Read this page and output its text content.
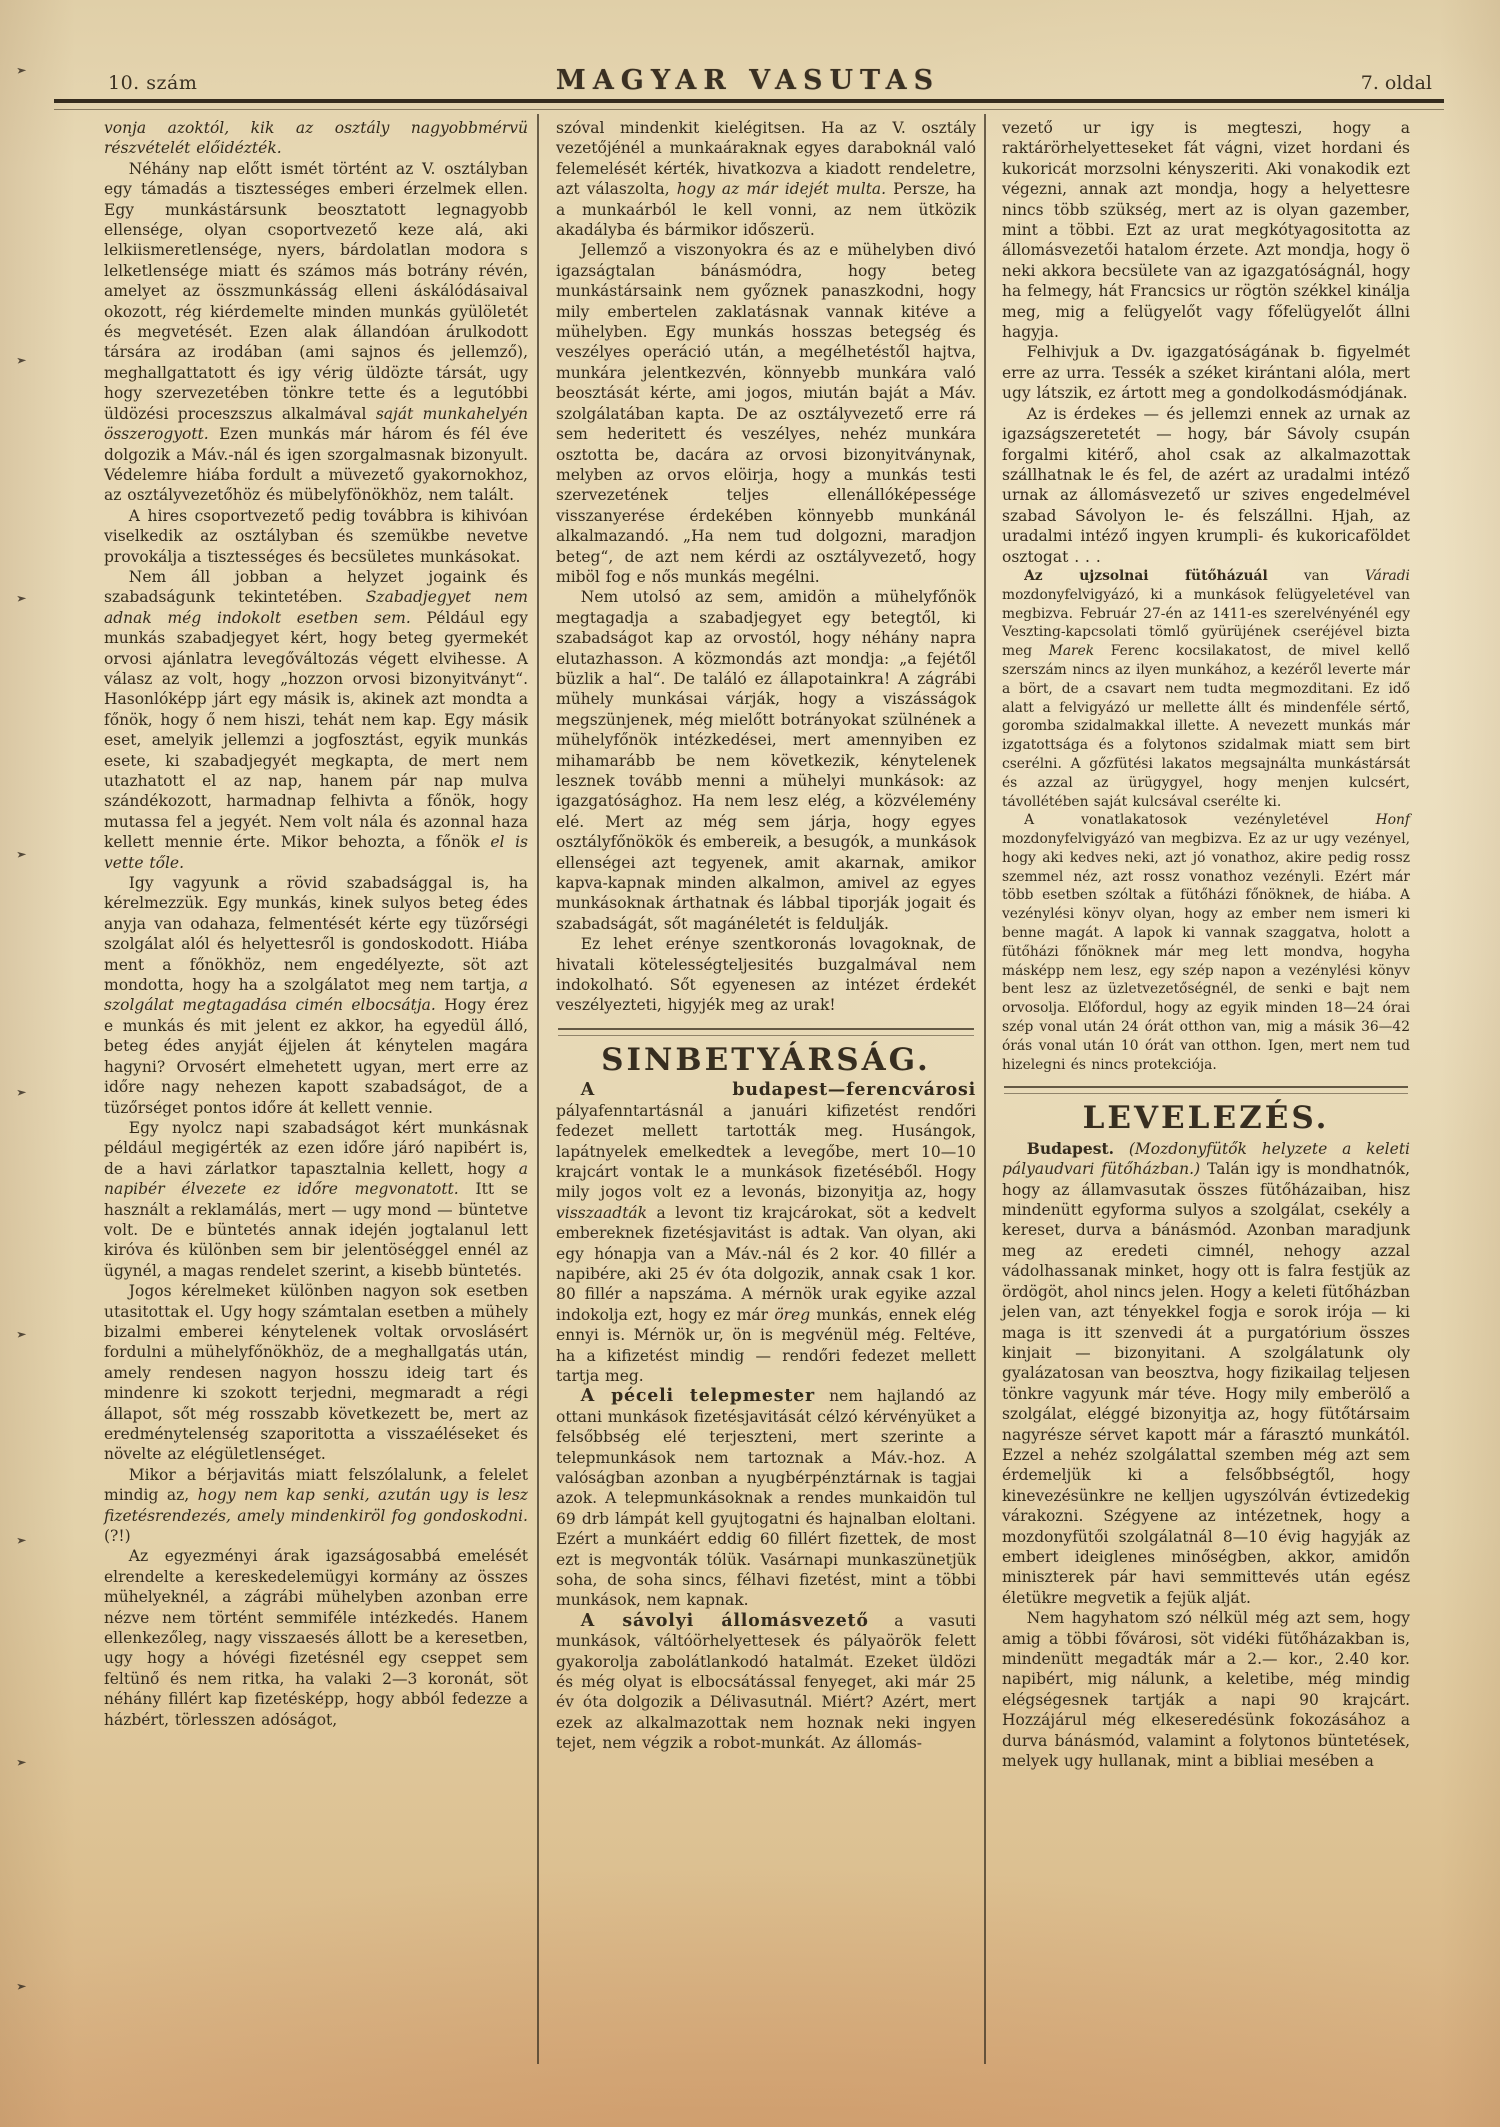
10. szám	MAGYAR VASUTAS	7. oldal

vonja azoktól, kik az osztály nagyobbmérvü részvételét előidézték.

Néhány nap előtt ismét történt az V. osztályban egy támadás a tisztességes emberi érzelmek ellen. Egy munkástársunk beosztatott legnagyobb ellensége, olyan csoportvezető keze alá, aki lelkiismeretlensége, nyers, bárdolatlan modora s lelketlensége miatt és számos más botrány révén, amelyet az összmunkásság elleni áskálódásaival okozott, rég kiérdemelte minden munkás gyülöletét és megvetését. Ezen alak állandóan árulkodott társára az irodában (ami sajnos és jellemző), meghallgattatott és igy vérig üldözte társát, ugy hogy szervezetében tönkre tette és a legutóbbi üldözési proceszszus alkalmával saját munkahelyén összerogyott. Ezen munkás már három és fél éve dolgozik a Máv.-nál és igen szorgalmasnak bizonyult. Védelemre hiába fordult a müvezető gyakornokhoz, az osztályvezetőhöz és mübelyfönökhöz, nem talált.

A hires csoportvezető pedig továbbra is kihivóan viselkedik az osztályban és szemükbe nevetve provokálja a tisztességes és becsületes munkásokat.

Nem áll jobban a helyzet jogaink és szabadságunk tekintetében. Szabadjegyet nem adnak még indokolt esetben sem. Például egy munkás szabadjegyet kért, hogy beteg gyermekét orvosi ajánlatra levegőváltozás végett elvihesse. A válasz az volt, hogy „hozzon orvosi bizonyitványt“. Hasonlóképp járt egy másik is, akinek azt mondta a főnök, hogy ő nem hiszi, tehát nem kap. Egy másik eset, amelyik jellemzi a jogfosztást, egyik munkás esete, ki szabadjegyét megkapta, de mert nem utazhatott el az nap, hanem pár nap mulva szándékozott, harmadnap felhivta a főnök, hogy mutassa fel a jegyét. Nem volt nála és azonnal haza kellett mennie érte. Mikor behozta, a főnök el is vette tőle.

Igy vagyunk a rövid szabadsággal is, ha kérelmezzük. Egy munkás, kinek sulyos beteg édes anyja van odahaza, felmentését kérte egy tüzőrségi szolgálat alól és helyettesről is gondoskodott. Hiába ment a főnökhöz, nem engedélyezte, söt azt mondotta, hogy ha a szolgálatot meg nem tartja, a szolgálat megtagadása cimén elbocsátja. Hogy érez e munkás és mit jelent ez akkor, ha egyedül álló, beteg édes anyját éjjelen át kénytelen magára hagyni? Orvosért elmehetett ugyan, mert erre az időre nagy nehezen kapott szabadságot, de a tüzőrséget pontos időre át kellett vennie.

Egy nyolcz napi szabadságot kért munkásnak például megigérték az ezen időre járó napibért is, de a havi zárlatkor tapasztalnia kellett, hogy a napibér élvezete ez időre megvonatott. Itt se használt a reklamálás, mert — ugy mond — büntetve volt. De e büntetés annak idején jogtalanul lett kiróva és különben sem bir jelentöséggel ennél az ügynél, a magas rendelet szerint, a kisebb büntetés.

Jogos kérelmeket különben nagyon sok esetben utasitottak el. Ugy hogy számtalan esetben a mühely bizalmi emberei kénytelenek voltak orvoslásért fordulni a mühelyfőnökhöz, de a meghallgatás után, amely rendesen nagyon hosszu ideig tart és mindenre ki szokott terjedni, megmaradt a régi állapot, sőt még rosszabb következett be, mert az eredménytelenség szaporitotta a visszaéléseket és növelte az elégületlenséget.

Mikor a bérjavitás miatt felszólalunk, a felelet mindig az, hogy nem kap senki, azután ugy is lesz fizetésrendezés, amely mindenkiröl fog gondoskodni. (?!)

Az egyezményi árak igazságosabbá emelését elrendelte a kereskedelemügyi kormány az összes mühelyeknél, a zágrábi mühelyben azonban erre nézve nem történt semmiféle intézkedés. Hanem ellenkezőleg, nagy visszaesés állott be a keresetben, ugy hogy a hóvégi fizetésnél egy cseppet sem feltünő és nem ritka, ha valaki 2—3 koronát, söt néhány fillért kap fizetésképp, hogy abból fedezze a házbért, törlesszen adóságot,

szóval mindenkit kielégitsen. Ha az V. osztály vezetőjénél a munkaáraknak egyes daraboknál való felemelését kérték, hivatkozva a kiadott rendeletre, azt válaszolta, hogy az már idejét multa. Persze, ha a munkaárból le kell vonni, az nem ütközik akadályba és bármikor időszerü.

Jellemző a viszonyokra és az e mühelyben divó igazságtalan bánásmódra, hogy beteg munkástársaink nem győznek panaszkodni, hogy mily embertelen zaklatásnak vannak kitéve a mühelyben. Egy munkás hosszas betegség és veszélyes operáció után, a megélhetéstől hajtva, munkára jelentkezvén, könnyebb munkára való beosztását kérte, ami jogos, miután baját a Máv. szolgálatában kapta. De az osztályvezető erre rá sem hederitett és veszélyes, nehéz munkára osztotta be, dacára az orvosi bizonyitványnak, melyben az orvos elöirja, hogy a munkás testi szervezetének teljes ellenállóképessége visszanyerése érdekében könnyebb munkánál alkalmazandó. „Ha nem tud dolgozni, maradjon beteg“, de azt nem kérdi az osztályvezető, hogy miböl fog e nős munkás megélni.

Nem utolsó az sem, amidön a mühelyfőnök megtagadja a szabadjegyet egy betegtől, ki szabadságot kap az orvostól, hogy néhány napra elutazhasson. A közmondás azt mondja: „a fejétől büzlik a hal“. De találó ez állapotainkra! A zágrábi mühely munkásai várják, hogy a viszásságok megszünjenek, még mielőtt botrányokat szülnének a mühelyfőnök intézkedései, mert amennyiben ez mihamarább be nem következik, kénytelenek lesznek tovább menni a mühelyi munkások: az igazgatósághoz. Ha nem lesz elég, a közvélemény elé. Mert az még sem járja, hogy egyes osztályfőnökök és embereik, a besugók, a munkások ellenségei azt tegyenek, amit akarnak, amikor kapva-kapnak minden alkalmon, amivel az egyes munkásoknak árthatnak és lábbal tiporják jogait és szabadságát, sőt magánéletét is feldulják.

Ez lehet erénye szentkoronás lovagoknak, de hivatali kötelességteljesités buzgalmával nem indokolható. Sőt egyenesen az intézet érdekét veszélyezteti, higyjék meg az urak!

SINBETYÁRSÁG.

A budapest—ferencvárosi pályafenntartásnál a januári kifizetést rendőri fedezet mellett tartották meg. Husángok, lapátnyelek emelkedtek a levegőbe, mert 10—10 krajcárt vontak le a munkások fizetéséből. Hogy mily jogos volt ez a levonás, bizonyitja az, hogy visszaadták a levont tiz krajcárokat, söt a kedvelt embereknek fizetésjavitást is adtak. Van olyan, aki egy hónapja van a Máv.-nál és 2 kor. 40 fillér a napibére, aki 25 év óta dolgozik, annak csak 1 kor. 80 fillér a napszáma. A mérnök urak egyike azzal indokolja ezt, hogy ez már öreg munkás, ennek elég ennyi is. Mérnök ur, ön is megvénül még. Feltéve, ha a kifizetést mindig — rendőri fedezet mellett tartja meg.

A péceli telepmester nem hajlandó az ottani munkások fizetésjavitását célzó kérvényüket a felsőbbség elé terjeszteni, mert szerinte a telepmunkások nem tartoznak a Máv.-hoz. A valóságban azonban a nyugbérpénztárnak is tagjai azok. A telepmunkásoknak a rendes munkaidön tul 69 drb lámpát kell gyujtogatni és hajnalban eloltani. Ezért a munkáért eddig 60 fillért fizettek, de most ezt is megvonták tólük. Vasárnapi munkaszünetjük soha, de soha sincs, félhavi fizetést, mint a többi munkások, nem kapnak.

A sávolyi állomásvezető a vasuti munkások, váltóörhelyettesek és pályaörök felett gyakorolja zabolátlankodó hatalmát. Ezeket üldözi és még olyat is elbocsátással fenyeget, aki már 25 év óta dolgozik a Délivasutnál. Miért? Azért, mert ezek az alkalmazottak nem hoznak neki ingyen tejet, nem végzik a robot-munkát. Az állomás-

vezető ur igy is megteszi, hogy a raktárörhelyetteseket fát vágni, vizet hordani és kukoricát morzsolni kényszeriti. Aki vonakodik ezt végezni, annak azt mondja, hogy a helyettesre nincs több szükség, mert az is olyan gazember, mint a többi. Ezt az urat megkótyagositotta az állomásvezetői hatalom érzete. Azt mondja, hogy ö neki akkora becsülete van az igazgatóságnál, hogy ha felmegy, hát Francsics ur rögtön székkel kinálja meg, mig a felügyelőt vagy főfelügyelőt állni hagyja.

Felhivjuk a Dv. igazgatóságának b. figyelmét erre az urra. Tessék a széket kirántani alóla, mert ugy látszik, ez ártott meg a gondolkodásmódjának.

Az is érdekes — és jellemzi ennek az urnak az igazságszeretetét — hogy, bár Sávoly csupán forgalmi kitérő, ahol csak az alkalmazottak szállhatnak le és fel, de azért az uradalmi intéző urnak az állomásvezető ur szives engedelmével szabad Sávolyon le- és felszállni. Hjah, az uradalmi intéző ingyen krumpli- és kukoricaföldet osztogat . . .

Az ujzsolnai fütőházuál van Váradi mozdonyfelvigyázó, ki a munkások felügyeletével van megbizva. Február 27-én az 1411-es szerelvényénél egy Veszting-kapcsolati tömlő gyürüjének cseréjével bizta meg Marek Ferenc kocsilakatost, de mivel kellő szerszám nincs az ilyen munkához, a kezéről leverte már a bört, de a csavart nem tudta megmozditani. Ez idő alatt a felvigyázó ur mellette állt és mindenféle sértő, goromba szidalmakkal illette. A nevezett munkás már izgatottsága és a folytonos szidalmak miatt sem birt cserélni. A gőzfütési lakatos megsajnálta munkástársát és azzal az ürügygyel, hogy menjen kulcsért, távollétében saját kulcsával cserélte ki.

A vonatlakatosok vezényletével Honf mozdonyfelvigyázó van megbizva. Ez az ur ugy vezényel, hogy aki kedves neki, azt jó vonathoz, akire pedig rossz szemmel néz, azt rossz vonathoz vezényli. Ezért már több esetben szóltak a fütőházi főnöknek, de hiába. A vezénylési könyv olyan, hogy az ember nem ismeri ki benne magát. A lapok ki vannak szaggatva, holott a fütőházi főnöknek már meg lett mondva, hogyha másképp nem lesz, egy szép napon a vezénylési könyv bent lesz az üzletvezetőségnél, de senki e bajt nem orvosolja. Előfordul, hogy az egyik minden 18—24 órai szép vonal után 24 órát otthon van, mig a másik 36—42 órás vonal után 10 órát van otthon. Igen, mert nem tud hizelegni és nincs protekciója.

LEVELEZÉS.

Budapest. (Mozdonyfütők helyzete a keleti pályaudvari fütőházban.) Talán igy is mondhatnók, hogy az államvasutak összes fütőházaiban, hisz mindenütt egyforma sulyos a szolgálat, csekély a kereset, durva a bánásmód. Azonban maradjunk meg az eredeti cimnél, nehogy azzal vádolhassanak minket, hogy ott is falra festjük az ördögöt, ahol nincs jelen. Hogy a keleti fütőházban jelen van, azt tényekkel fogja e sorok irója — ki maga is itt szenvedi át a purgatórium összes kinjait — bizonyitani. A szolgálatunk oly gyalázatosan van beosztva, hogy fizikailag teljesen tönkre vagyunk már téve. Hogy mily emberölő a szolgálat, eléggé bizonyitja az, hogy fütőtársaim nagyrésze sérvet kapott már a fárasztó munkától. Ezzel a nehéz szolgálattal szemben még azt sem érdemeljük ki a felsőbbségtől, hogy kinevezésünkre ne kelljen ugyszólván évtizedekig várakozni. Szégyene az intézetnek, hogy a mozdonyfütői szolgálatnál 8—10 évig hagyják az embert ideiglenes minőségben, akkor, amidőn miniszterek pár havi semmittevés után egész életükre megvetik a fejük alját.

Nem hagyhatom szó nélkül még azt sem, hogy amig a többi fővárosi, söt vidéki fütőházakban is, mindenütt megadták már a 2.— kor., 2.40 kor. napibért, mig nálunk, a keletibe, még mindig elégségesnek tartják a napi 90 krajcárt. Hozzájárul még elkeseredésünk fokozásához a durva bánásmód, valamint a folytonos büntetések, melyek ugy hullanak, mint a bibliai mesében a

➤
➤
➤
➤
➤
➤
➤
➤
➤
